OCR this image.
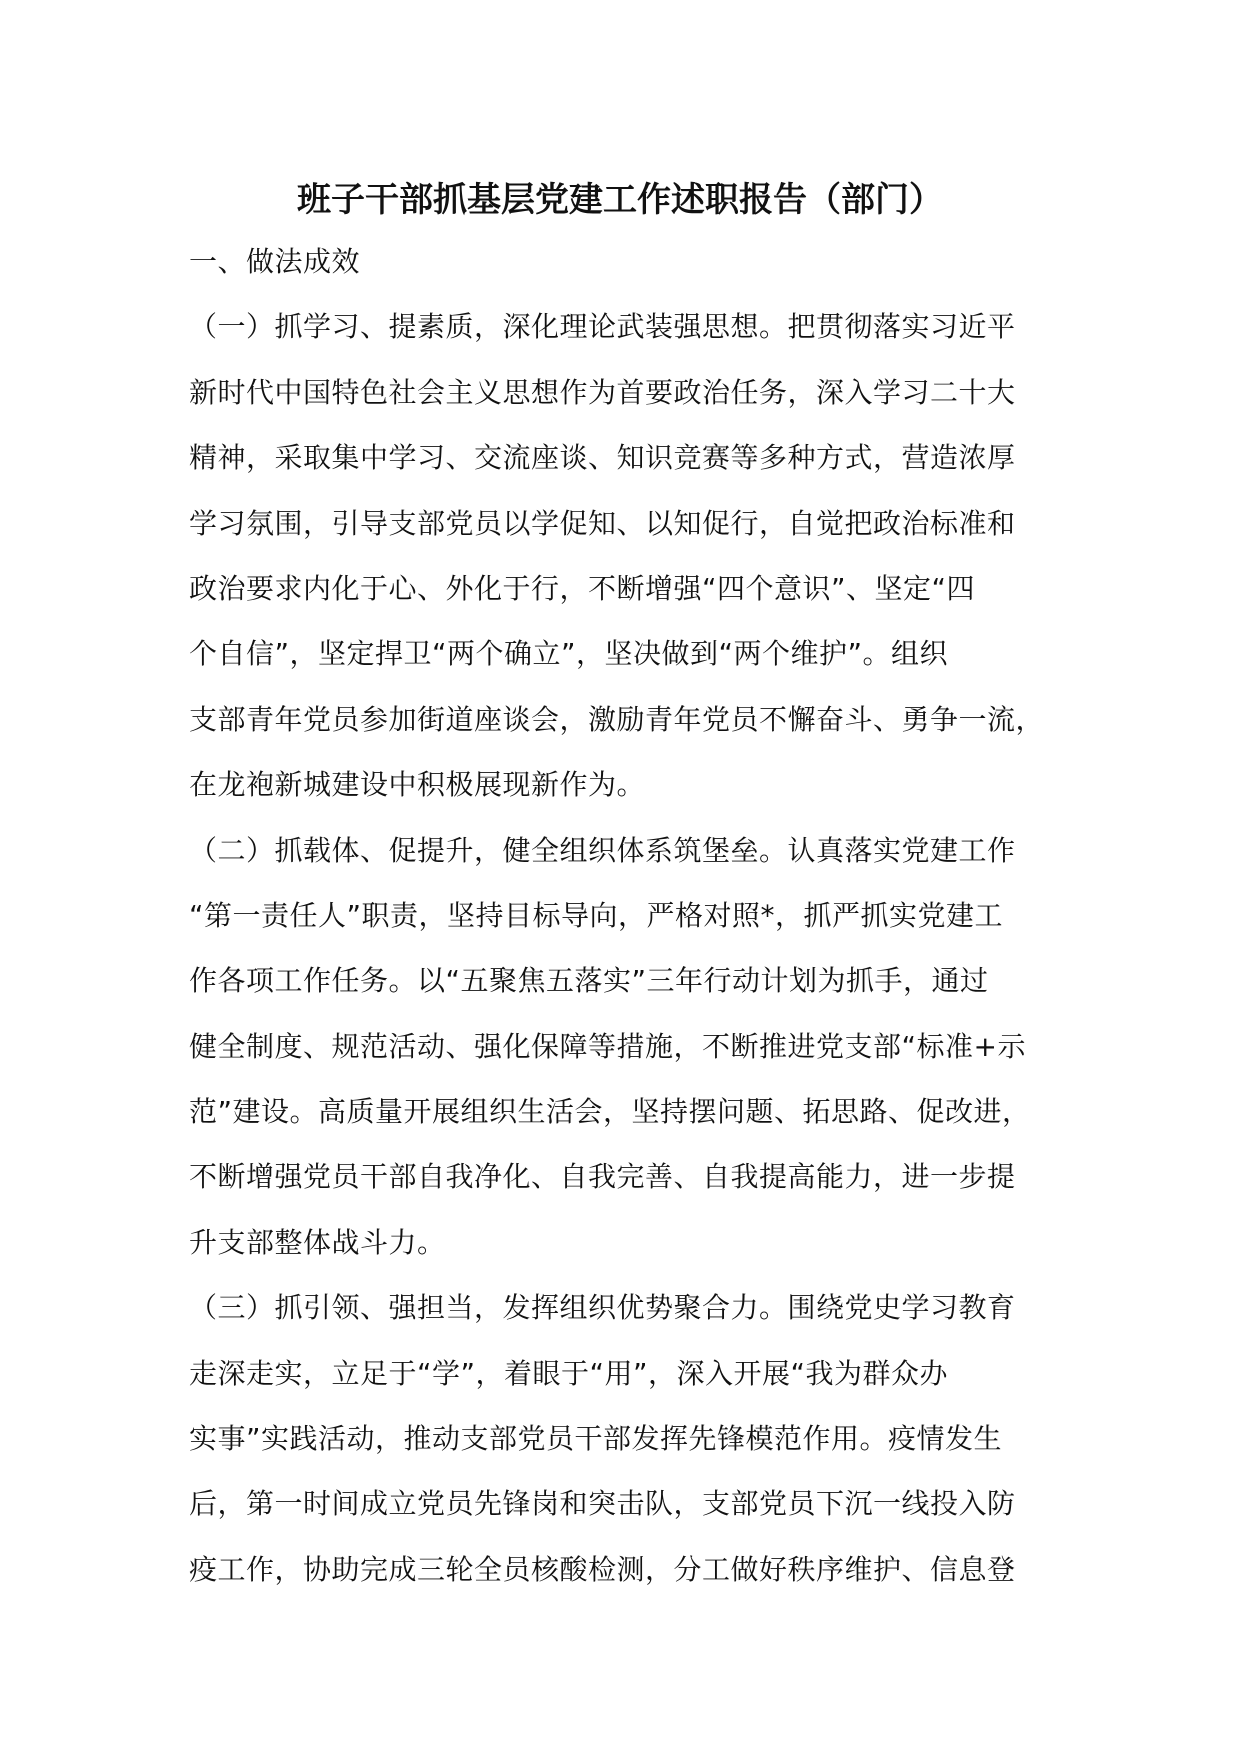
班子干部抓基层党建工作述职报告（部门）
一、做法成效
（一）抓学习、提素质，深化理论武装强思想。把贯彻落实习近平
新时代中国特色社会主义思想作为首要政治任务，深入学习二十大
精神，采取集中学习、交流座谈、知识竞赛等多种方式，营造浓厚
学习氛围，引导支部党员以学促知、以知促行，自觉把政治标准和
政治要求内化于心、外化于行，不断增强“四个意识”、坚定“四
个自信”，坚定捍卫“两个确立”，坚决做到“两个维护”。组织
支部青年党员参加街道座谈会，激励青年党员不懈奋斗、勇争一流，
在龙袍新城建设中积极展现新作为。
（二）抓载体、促提升，健全组织体系筑堡垒。认真落实党建工作
“第一责任人”职责，坚持目标导向，严格对照*，抓严抓实党建工
作各项工作任务。以“五聚焦五落实”三年行动计划为抓手，通过
健全制度、规范活动、强化保障等措施，不断推进党支部“标准+示
范”建设。高质量开展组织生活会，坚持摆问题、拓思路、促改进，
不断增强党员干部自我净化、自我完善、自我提高能力，进一步提
升支部整体战斗力。
（三）抓引领、强担当，发挥组织优势聚合力。围绕党史学习教育
走深走实，立足于“学”，着眼于“用”，深入开展“我为群众办
实事”实践活动，推动支部党员干部发挥先锋模范作用。疫情发生
后，第一时间成立党员先锋岗和突击队，支部党员下沉一线投入防
疫工作，协助完成三轮全员核酸检测，分工做好秩序维护、信息登
